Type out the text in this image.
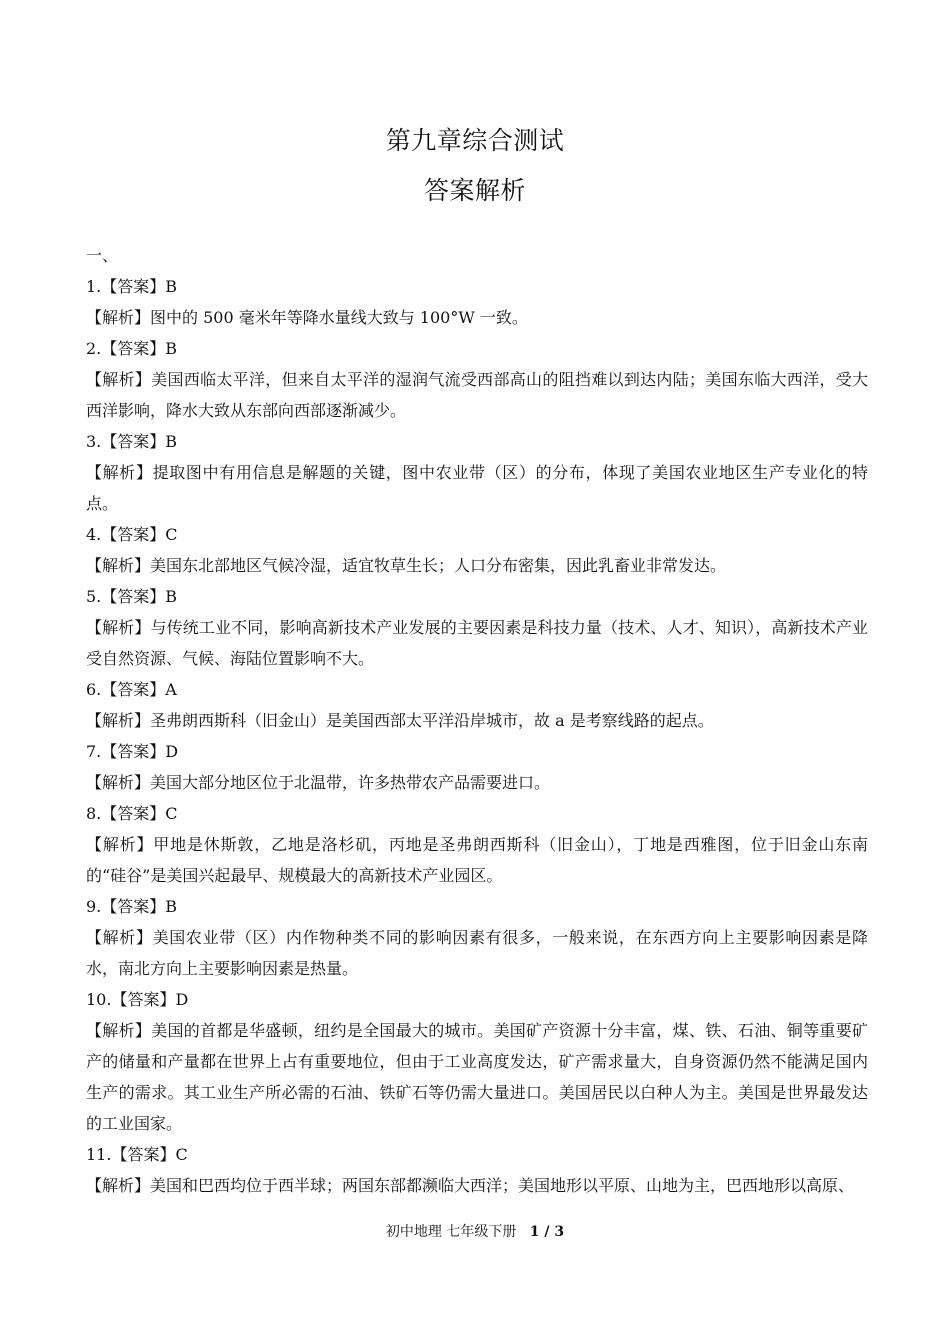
第九章综合测试
答案解析
一、
1.【答案】B
【解析】图中的 500 毫米年等降水量线大致与 100°W 一致。
2.【答案】B
【解析】美国西临太平洋，但来自太平洋的湿润气流受西部高山的阻挡难以到达内陆；美国东临大西洋，受大西洋影响，降水大致从东部向西部逐渐减少。
3.【答案】B
【解析】提取图中有用信息是解题的关键，图中农业带（区）的分布，体现了美国农业地区生产专业化的特点。
4.【答案】C
【解析】美国东北部地区气候冷湿，适宜牧草生长；人口分布密集，因此乳畜业非常发达。
5.【答案】B
【解析】与传统工业不同，影响高新技术产业发展的主要因素是科技力量（技术、人才、知识），高新技术产业受自然资源、气候、海陆位置影响不大。
6.【答案】A
【解析】圣弗朗西斯科（旧金山）是美国西部太平洋沿岸城市，故 a 是考察线路的起点。
7.【答案】D
【解析】美国大部分地区位于北温带，许多热带农产品需要进口。
8.【答案】C
【解析】甲地是休斯敦，乙地是洛杉矶，丙地是圣弗朗西斯科（旧金山），丁地是西雅图，位于旧金山东南的“硅谷”是美国兴起最早、规模最大的高新技术产业园区。
9.【答案】B
【解析】美国农业带（区）内作物种类不同的影响因素有很多，一般来说，在东西方向上主要影响因素是降水，南北方向上主要影响因素是热量。
10.【答案】D
【解析】美国的首都是华盛顿，纽约是全国最大的城市。美国矿产资源十分丰富，煤、铁、石油、铜等重要矿产的储量和产量都在世界上占有重要地位，但由于工业高度发达，矿产需求量大，自身资源仍然不能满足国内生产的需求。其工业生产所必需的石油、铁矿石等仍需大量进口。美国居民以白种人为主。美国是世界最发达的工业国家。
11.【答案】C
【解析】美国和巴西均位于西半球；两国东部都濒临大西洋；美国地形以平原、山地为主，巴西地形以高原、
初中地理 七年级下册 1 / 3
